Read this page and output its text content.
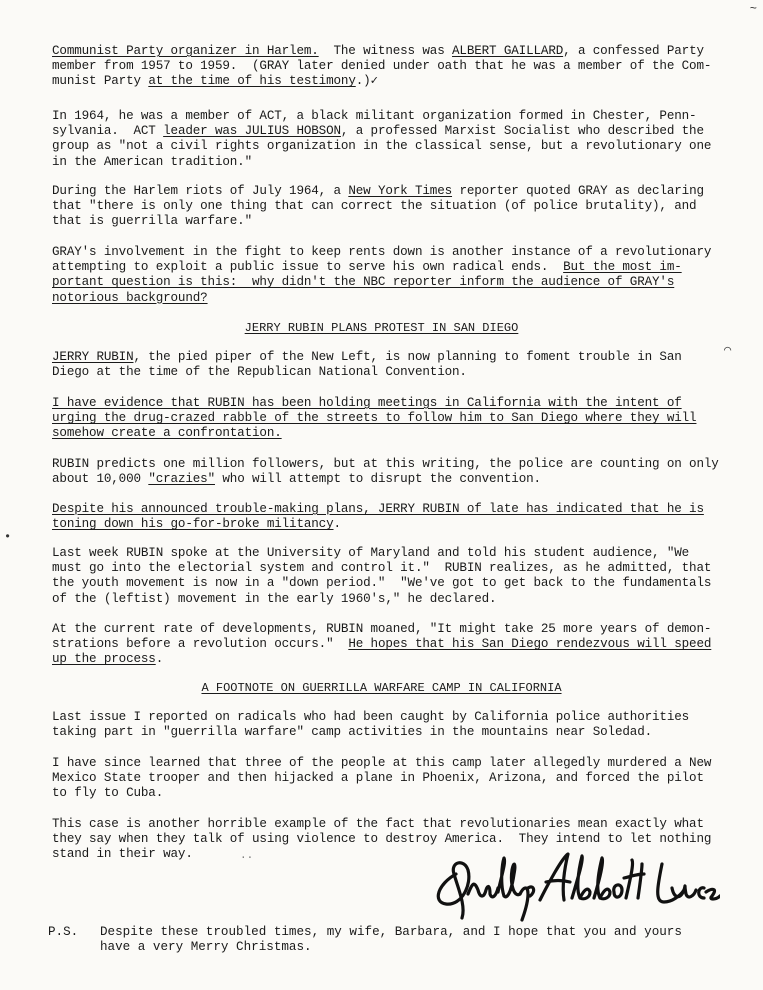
~
•
⌒

Communist Party organizer in Harlem.  The witness was ALBERT GAILLARD, a confessed Party
member from 1957 to 1959.  (GRAY later denied under oath that he was a member of the Com-
munist Party at the time of his testimony.)✓

In 1964, he was a member of ACT, a black militant organization formed in Chester, Penn-
sylvania.  ACT leader was JULIUS HOBSON, a professed Marxist Socialist who described the
group as "not a civil rights organization in the classical sense, but a revolutionary one
in the American tradition."

During the Harlem riots of July 1964, a New York Times reporter quoted GRAY as declaring
that "there is only one thing that can correct the situation (of police brutality), and
that is guerrilla warfare."

GRAY's involvement in the fight to keep rents down is another instance of a revolutionary
attempting to exploit a public issue to serve his own radical ends.  But the most im-
portant question is this:  why didn't the NBC reporter inform the audience of GRAY's
notorious background?

JERRY RUBIN PLANS PROTEST IN SAN DIEGO

JERRY RUBIN, the pied piper of the New Left, is now planning to foment trouble in San
Diego at the time of the Republican National Convention.

I have evidence that RUBIN has been holding meetings in California with the intent of
urging the drug-crazed rabble of the streets to follow him to San Diego where they will
somehow create a confrontation.

RUBIN predicts one million followers, but at this writing, the police are counting on only
about 10,000 "crazies" who will attempt to disrupt the convention.

Despite his announced trouble-making plans, JERRY RUBIN of late has indicated that he is
toning down his go-for-broke militancy.

Last week RUBIN spoke at the University of Maryland and told his student audience, "We
must go into the electorial system and control it."  RUBIN realizes, as he admitted, that
the youth movement is now in a "down period."  "We've got to get back to the fundamentals
of the (leftist) movement in the early 1960's," he declared.

At the current rate of developments, RUBIN moaned, "It might take 25 more years of demon-
strations before a revolution occurs."  He hopes that his San Diego rendezvous will speed
up the process.

A FOOTNOTE ON GUERRILLA WARFARE CAMP IN CALIFORNIA

Last issue I reported on radicals who had been caught by California police authorities
taking part in "guerrilla warfare" camp activities in the mountains near Soledad.

I have since learned that three of the people at this camp later allegedly murdered a New
Mexico State trooper and then hijacked a plane in Phoenix, Arizona, and forced the pilot
to fly to Cuba.

This case is another horrible example of the fact that revolutionaries mean exactly what
they say when they talk of using violence to destroy America.  They intend to let nothing
stand in their way.	..
P.S. Despite these troubled times, my wife, Barbara, and I hope that you and yours
have a very Merry Christmas.
